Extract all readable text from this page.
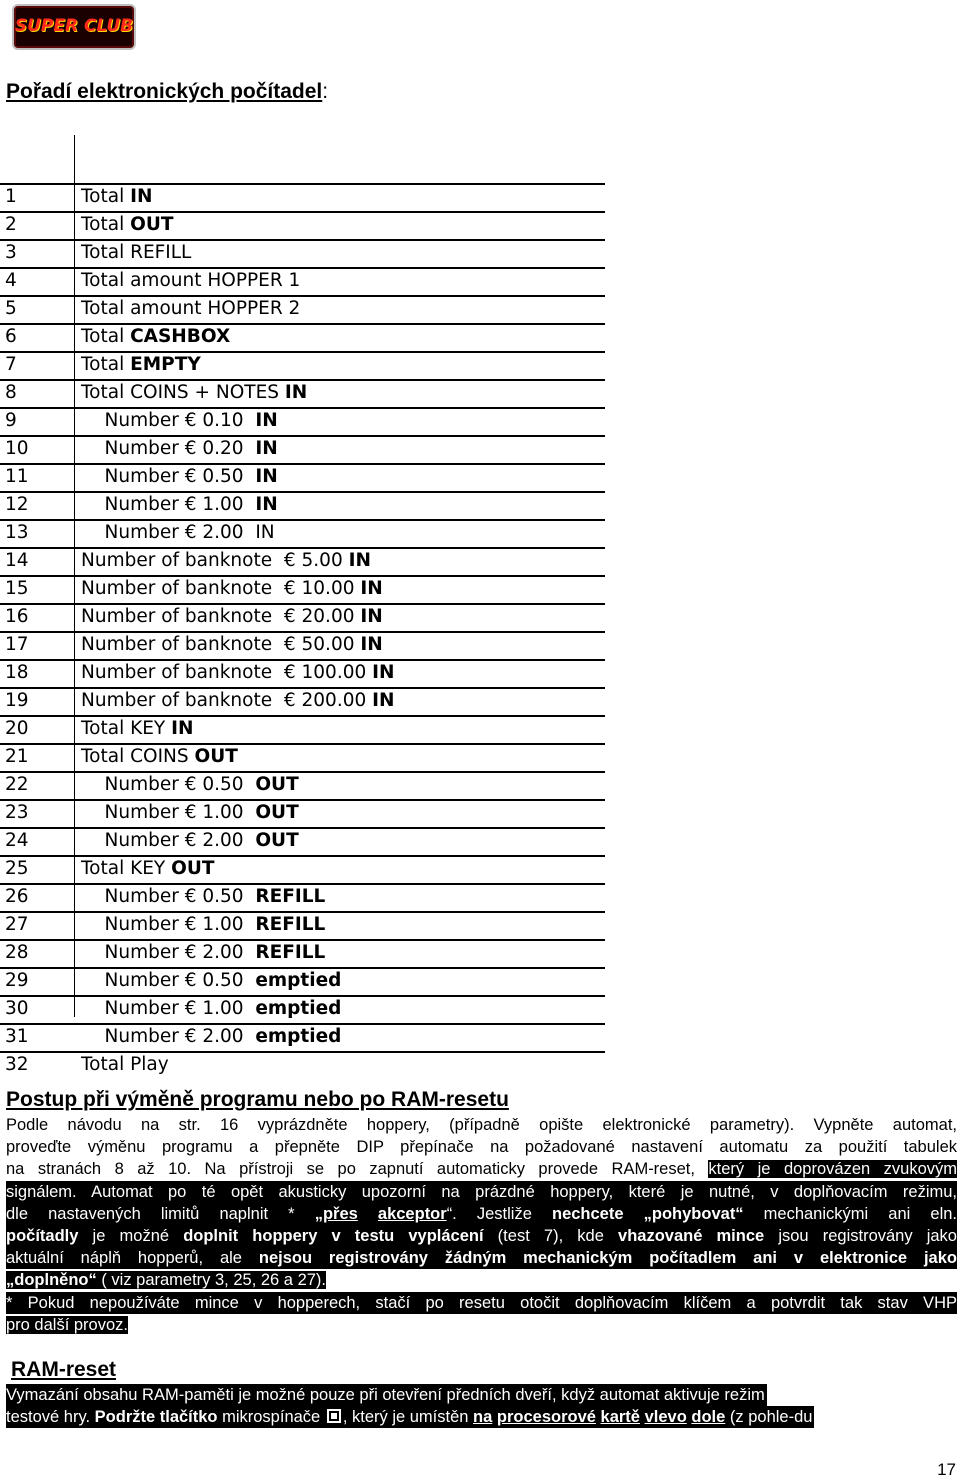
SUPER CLUB
Pořadí elektronických počítadel:
1	Total IN
2	Total OUT
3	Total REFILL
4	Total amount HOPPER 1
5	Total amount HOPPER 2
6	Total CASHBOX
7	Total EMPTY
8	Total COINS + NOTES IN
9	Number € 0.10  IN
10	Number € 0.20  IN
11	Number € 0.50  IN
12	Number € 1.00  IN
13	Number € 2.00  IN
14	Number of banknote  € 5.00 IN
15	Number of banknote  € 10.00 IN
16	Number of banknote  € 20.00 IN
17	Number of banknote  € 50.00 IN
18	Number of banknote  € 100.00 IN
19	Number of banknote  € 200.00 IN
20	Total KEY IN
21	Total COINS OUT
22	Number € 0.50  OUT
23	Number € 1.00  OUT
24	Number € 2.00  OUT
25	Total KEY OUT
26	Number € 0.50  REFILL
27	Number € 1.00  REFILL
28	Number € 2.00  REFILL
29	Number € 0.50  emptied
30	Number € 1.00  emptied
31	Number € 2.00  emptied
32	Total Play
Postup při výměně programu nebo po RAM-resetu
Podle návodu na str. 16 vyprázdněte hoppery, (případně opište elektronické parametry). Vypněte automat,
proveďte výměnu programu a přepněte DIP přepínače na požadované nastavení automatu za použití tabulek
na stranách 8 až 10. Na přístroji se po zapnutí automaticky provede RAM-reset, který je doprovázen zvukovým
signálem. Automat po té opět akusticky upozorní na prázdné hoppery, které je nutné, v doplňovacím režimu,
dle nastavených limitů naplnit * „přes akceptor“. Jestliže nechcete „pohybovat“ mechanickými ani eln.
počítadly je možné doplnit hoppery v testu vyplácení (test 7), kde vhazované mince jsou registrovány jako
aktuální náplň hopperů, ale nejsou registrovány žádným mechanickým počítadlem ani v elektronice jako
„doplněno“ ( viz parametry 3, 25, 26 a 27).
* Pokud nepoužíváte mince v hopperech, stačí po resetu otočit doplňovacím klíčem a potvrdit tak stav VHP
pro další provoz.
RAM-reset
Vymazání obsahu RAM-paměti je možné pouze při otevření předních dveří, když automat aktivuje režim
testové hry. Podržte tlačítko mikrospínače , který je umístěn na procesorové kartě vlevo dole (z pohle-du
17
